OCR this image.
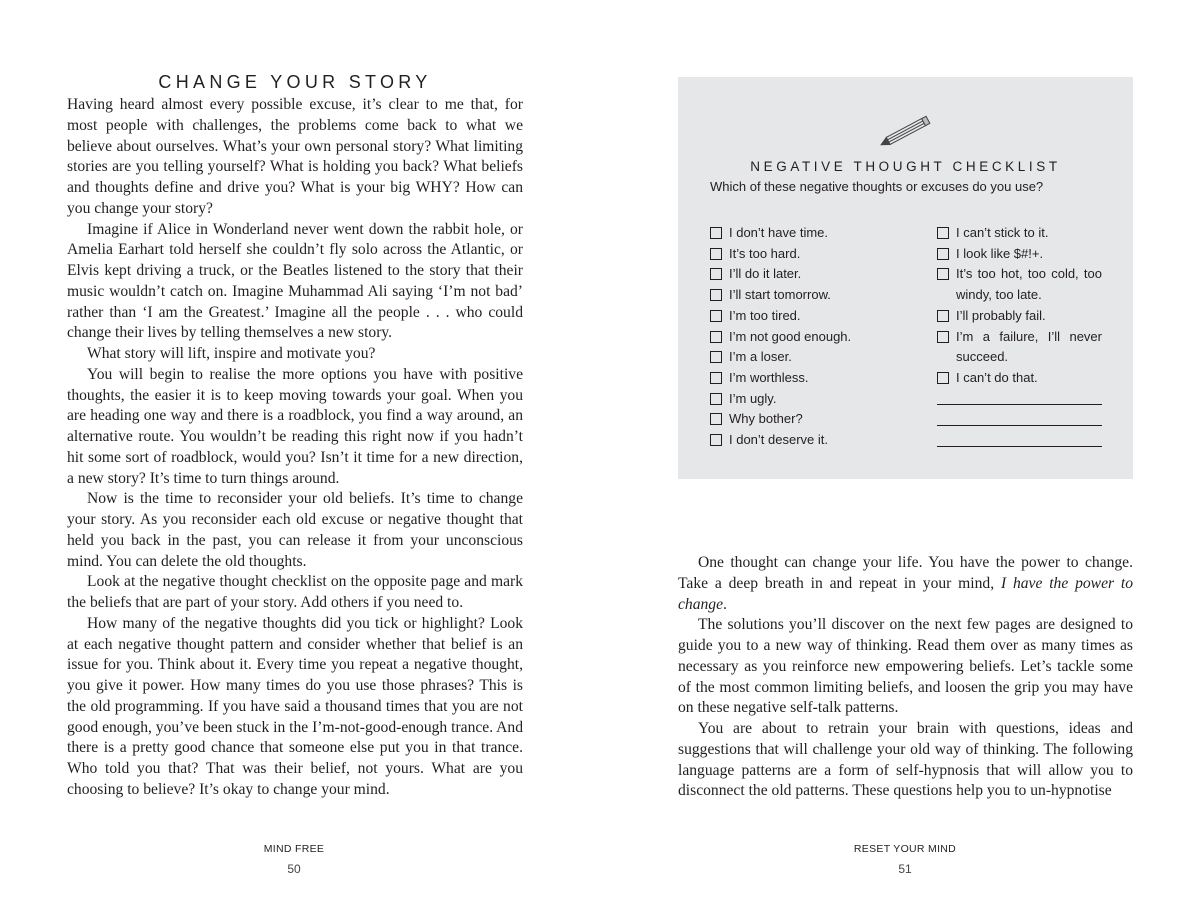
CHANGE YOUR STORY

Having heard almost every possible excuse, it’s clear to me that, for most people with challenges, the problems come back to what we believe about ourselves. What’s your own personal story? What limiting stories are you telling yourself? What is holding you back? What beliefs and thoughts define and drive you? What is your big WHY? How can you change your story?

Imagine if Alice in Wonderland never went down the rabbit hole, or Amelia Earhart told herself she couldn’t fly solo across the Atlantic, or Elvis kept driving a truck, or the Beatles listened to the story that their music wouldn’t catch on. Imagine Muhammad Ali saying ‘I’m not bad’ rather than ‘I am the Greatest.’ Imagine all the people . . . who could change their lives by telling themselves a new story.

What story will lift, inspire and motivate you?

You will begin to realise the more options you have with positive thoughts, the easier it is to keep moving towards your goal. When you are heading one way and there is a roadblock, you find a way around, an alternative route. You wouldn’t be reading this right now if you hadn’t hit some sort of roadblock, would you? Isn’t it time for a new direction, a new story? It’s time to turn things around.

Now is the time to reconsider your old beliefs. It’s time to change your story. As you reconsider each old excuse or negative thought that held you back in the past, you can release it from your unconscious mind. You can delete the old thoughts.

Look at the negative thought checklist on the opposite page and mark the beliefs that are part of your story. Add others if you need to.

How many of the negative thoughts did you tick or highlight? Look at each negative thought pattern and consider whether that belief is an issue for you. Think about it. Every time you repeat a negative thought, you give it power. How many times do you use those phrases? This is the old programming. If you have said a thousand times that you are not good enough, you’ve been stuck in the I’m-not-good-enough trance. And there is a pretty good chance that someone else put you in that trance. Who told you that? That was their belief, not yours. What are you choosing to believe? It’s okay to change your mind.

MIND FREE
50
NEGATIVE THOUGHT CHECKLIST
Which of these negative thoughts or excuses do you use?
I don’t have time.
It’s too hard.
I’ll do it later.
I’ll start tomorrow.
I’m too tired.
I’m not good enough.
I’m a loser.
I’m worthless.
I’m ugly.
Why bother?
I don’t deserve it.
I can’t stick to it.
I look like $#!+.
It’s too hot, too cold, too windy, too late.
I’ll probably fail.
I’m a failure, I’ll never succeed.
I can’t do that.

One thought can change your life. You have the power to change. Take a deep breath in and repeat in your mind, I have the power to change.

The solutions you’ll discover on the next few pages are designed to guide you to a new way of thinking. Read them over as many times as necessary as you reinforce new empowering beliefs. Let’s tackle some of the most common limiting beliefs, and loosen the grip you may have on these negative self-talk patterns.

You are about to retrain your brain with questions, ideas and suggestions that will challenge your old way of thinking. The following language patterns are a form of self-hypnosis that will allow you to disconnect the old patterns. These questions help you to un-hypnotise

RESET YOUR MIND
51
